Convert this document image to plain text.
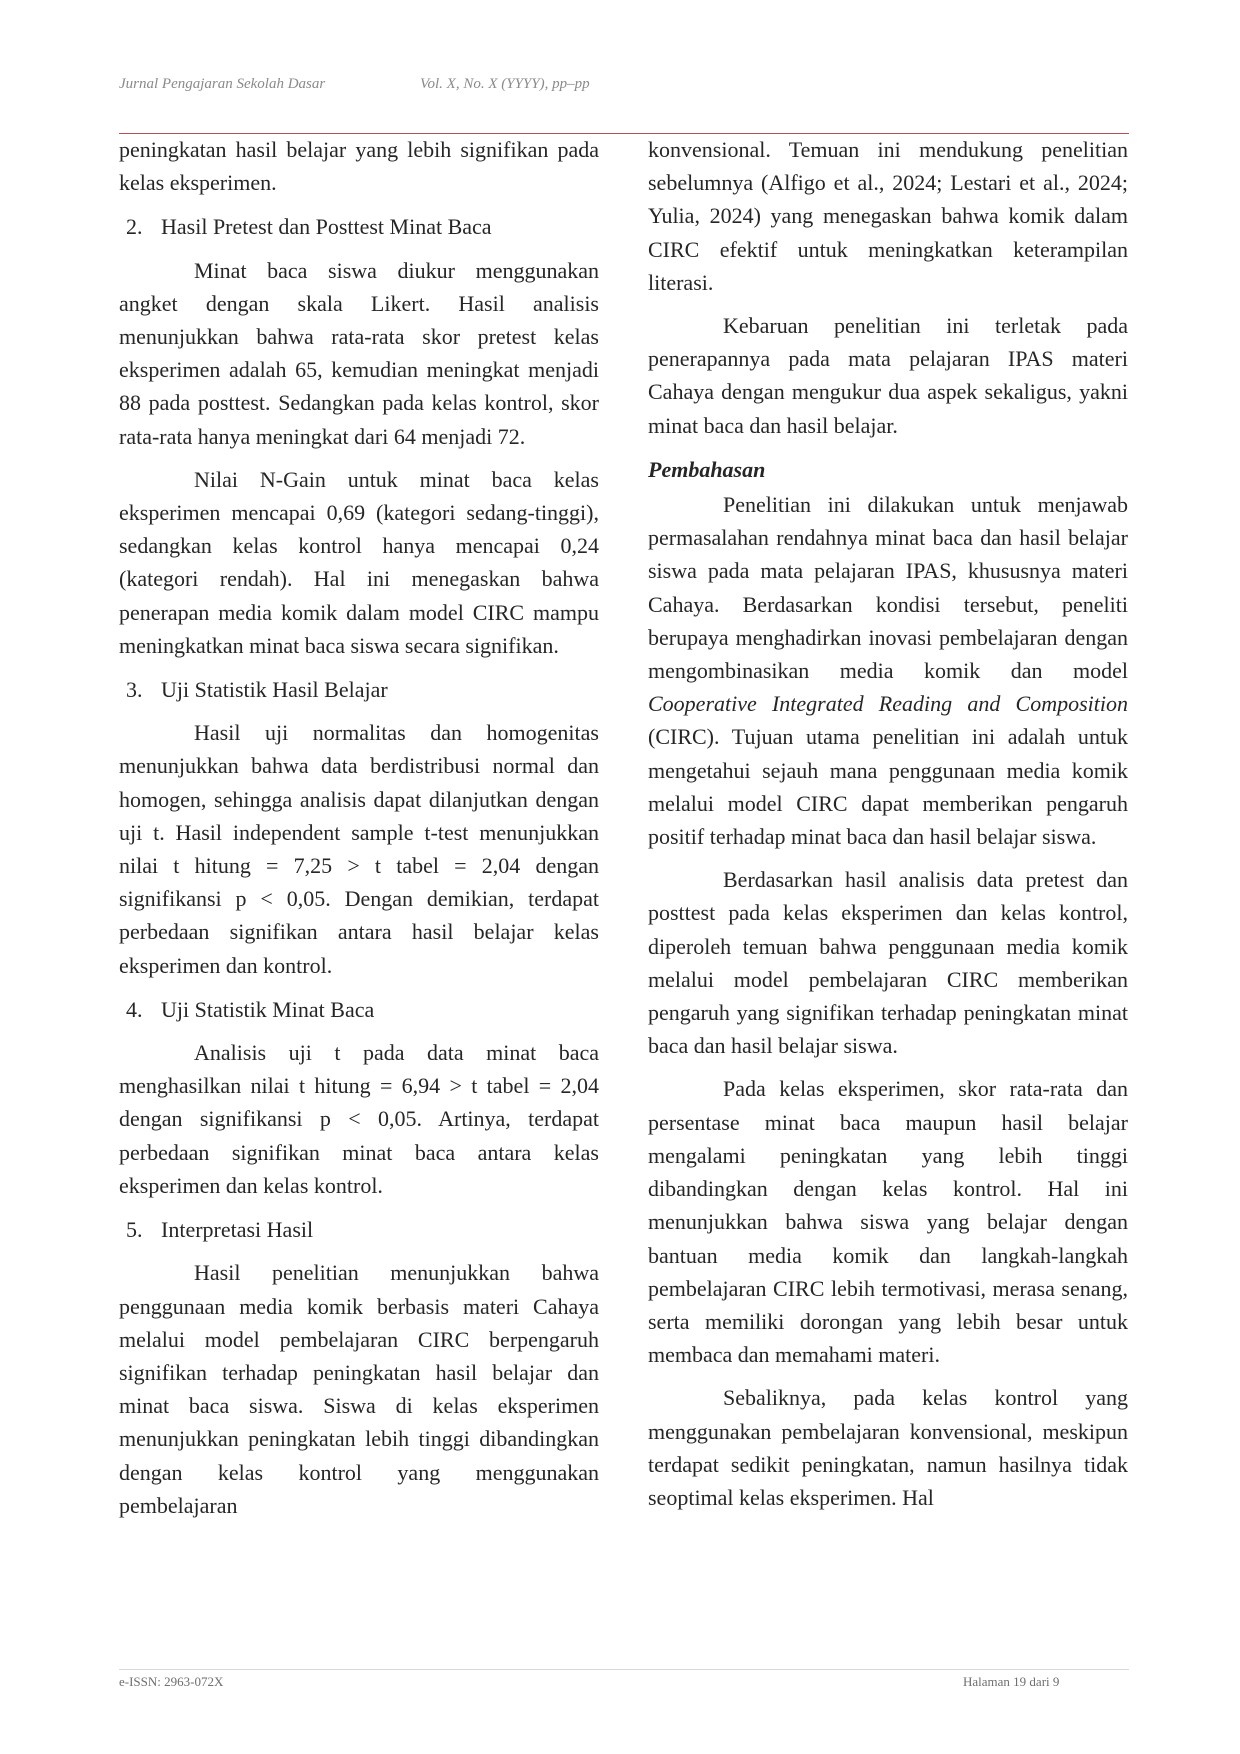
Jurnal Pengajaran Sekolah Dasar	Vol. X, No. X (YYYY), pp–pp

peningkatan hasil belajar yang lebih signifikan pada kelas eksperimen.

2. Hasil Pretest dan Posttest Minat Baca

Minat baca siswa diukur menggunakan angket dengan skala Likert. Hasil analisis menunjukkan bahwa rata-rata skor pretest kelas eksperimen adalah 65, kemudian meningkat menjadi 88 pada posttest. Sedangkan pada kelas kontrol, skor rata-rata hanya meningkat dari 64 menjadi 72.

Nilai N-Gain untuk minat baca kelas eksperimen mencapai 0,69 (kategori sedang-tinggi), sedangkan kelas kontrol hanya mencapai 0,24 (kategori rendah). Hal ini menegaskan bahwa penerapan media komik dalam model CIRC mampu meningkatkan minat baca siswa secara signifikan.

3. Uji Statistik Hasil Belajar

Hasil uji normalitas dan homogenitas menunjukkan bahwa data berdistribusi normal dan homogen, sehingga analisis dapat dilanjutkan dengan uji t. Hasil independent sample t-test menunjukkan nilai t hitung = 7,25 > t tabel = 2,04 dengan signifikansi p < 0,05. Dengan demikian, terdapat perbedaan signifikan antara hasil belajar kelas eksperimen dan kontrol.

4. Uji Statistik Minat Baca

Analisis uji t pada data minat baca menghasilkan nilai t hitung = 6,94 > t tabel = 2,04 dengan signifikansi p < 0,05. Artinya, terdapat perbedaan signifikan minat baca antara kelas eksperimen dan kelas kontrol.

5. Interpretasi Hasil

Hasil penelitian menunjukkan bahwa penggunaan media komik berbasis materi Cahaya melalui model pembelajaran CIRC berpengaruh signifikan terhadap peningkatan hasil belajar dan minat baca siswa. Siswa di kelas eksperimen menunjukkan peningkatan lebih tinggi dibandingkan dengan kelas kontrol yang menggunakan pembelajaran

konvensional. Temuan ini mendukung penelitian sebelumnya (Alfigo et al., 2024; Lestari et al., 2024; Yulia, 2024) yang menegaskan bahwa komik dalam CIRC efektif untuk meningkatkan keterampilan literasi.

Kebaruan penelitian ini terletak pada penerapannya pada mata pelajaran IPAS materi Cahaya dengan mengukur dua aspek sekaligus, yakni minat baca dan hasil belajar.

Pembahasan

Penelitian ini dilakukan untuk menjawab permasalahan rendahnya minat baca dan hasil belajar siswa pada mata pelajaran IPAS, khususnya materi Cahaya. Berdasarkan kondisi tersebut, peneliti berupaya menghadirkan inovasi pembelajaran dengan mengombinasikan media komik dan model Cooperative Integrated Reading and Composition (CIRC). Tujuan utama penelitian ini adalah untuk mengetahui sejauh mana penggunaan media komik melalui model CIRC dapat memberikan pengaruh positif terhadap minat baca dan hasil belajar siswa.

Berdasarkan hasil analisis data pretest dan posttest pada kelas eksperimen dan kelas kontrol, diperoleh temuan bahwa penggunaan media komik melalui model pembelajaran CIRC memberikan pengaruh yang signifikan terhadap peningkatan minat baca dan hasil belajar siswa.

Pada kelas eksperimen, skor rata-rata dan persentase minat baca maupun hasil belajar mengalami peningkatan yang lebih tinggi dibandingkan dengan kelas kontrol. Hal ini menunjukkan bahwa siswa yang belajar dengan bantuan media komik dan langkah-langkah pembelajaran CIRC lebih termotivasi, merasa senang, serta memiliki dorongan yang lebih besar untuk membaca dan memahami materi.

Sebaliknya, pada kelas kontrol yang menggunakan pembelajaran konvensional, meskipun terdapat sedikit peningkatan, namun hasilnya tidak seoptimal kelas eksperimen. Hal

e-ISSN: 2963-072X	Halaman 19 dari 9
